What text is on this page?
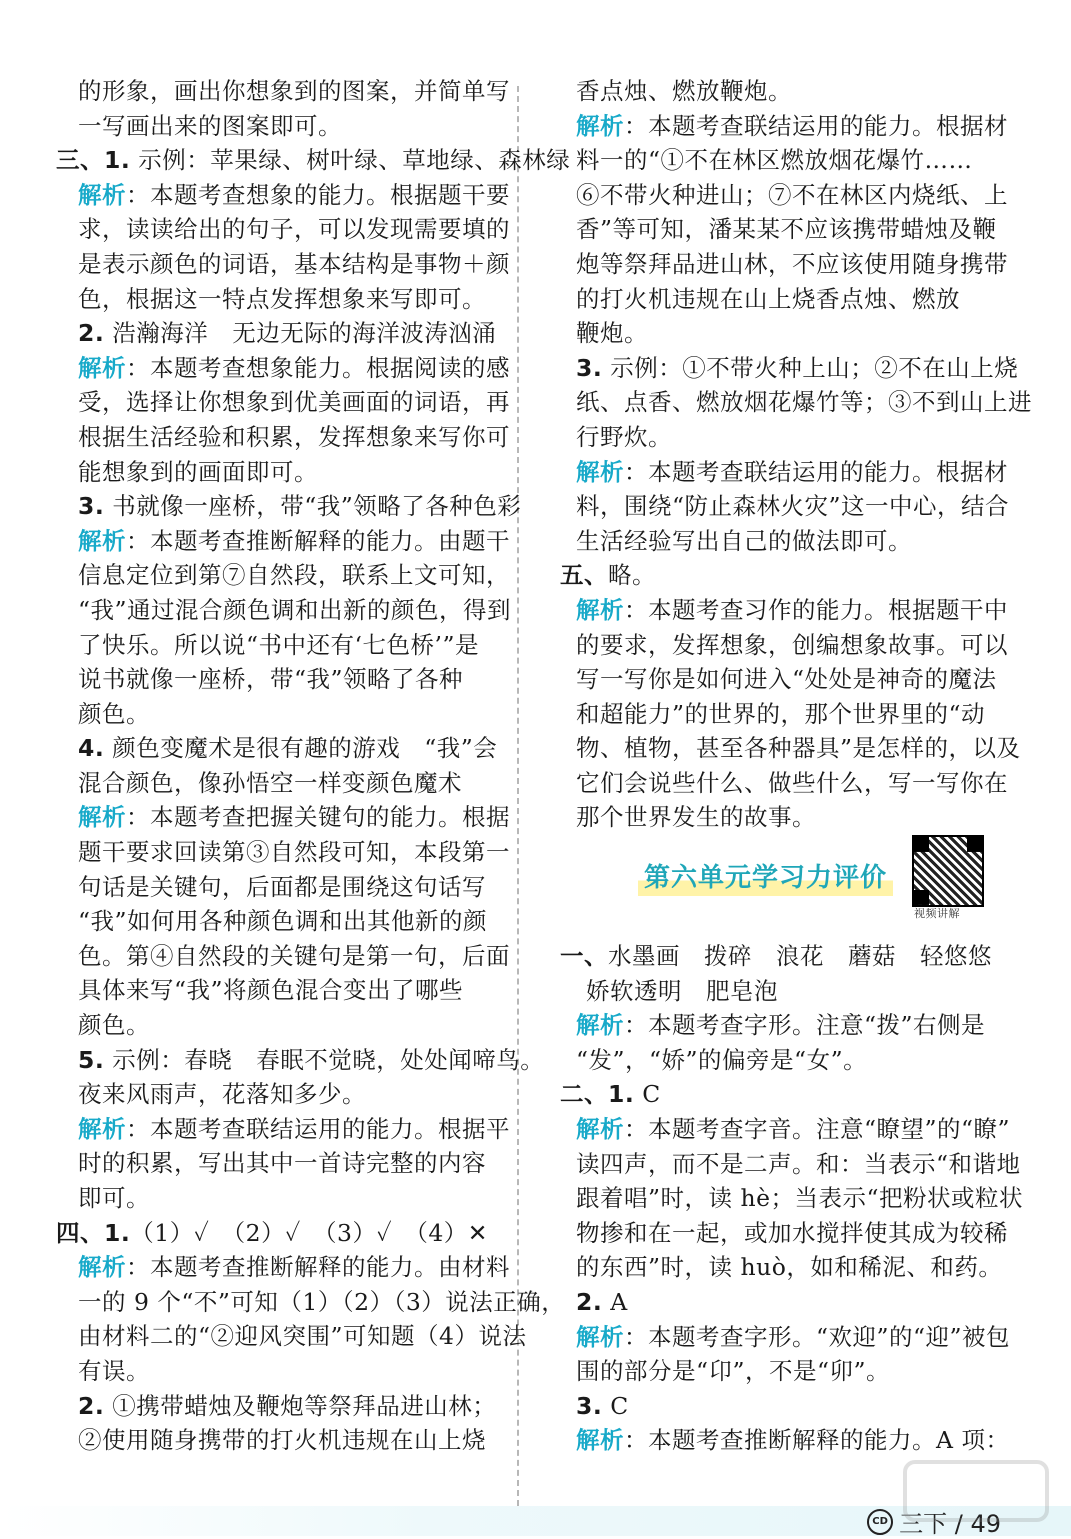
的形象，画出你想象到的图案，并简单写
一写画出来的图案即可。
三、1. 示例：苹果绿、树叶绿、草地绿、森林绿
解析：本题考查想象的能力。根据题干要
求，读读给出的句子，可以发现需要填的
是表示颜色的词语，基本结构是事物＋颜
色，根据这一特点发挥想象来写即可。
2. 浩瀚海洋　无边无际的海洋波涛汹涌
解析：本题考查想象能力。根据阅读的感
受，选择让你想象到优美画面的词语，再
根据生活经验和积累，发挥想象来写你可
能想象到的画面即可。
3. 书就像一座桥，带“我”领略了各种色彩
解析：本题考查推断解释的能力。由题干
信息定位到第⑦自然段，联系上文可知，
“我”通过混合颜色调和出新的颜色，得到
了快乐。所以说“书中还有‘七色桥’”是
说书就像一座桥，带“我”领略了各种
颜色。
4. 颜色变魔术是很有趣的游戏　“我”会
混合颜色，像孙悟空一样变颜色魔术
解析：本题考查把握关键句的能力。根据
题干要求回读第③自然段可知，本段第一
句话是关键句，后面都是围绕这句话写
“我”如何用各种颜色调和出其他新的颜
色。第④自然段的关键句是第一句，后面
具体来写“我”将颜色混合变出了哪些
颜色。
5. 示例：春晓　春眠不觉晓，处处闻啼鸟。
夜来风雨声，花落知多少。
解析：本题考查联结运用的能力。根据平
时的积累，写出其中一首诗完整的内容
即可。
四、1.（1）✓　（2）✓　（3）✓　（4）✕
解析：本题考查推断解释的能力。由材料
一的 9 个“不”可知（1）（2）（3）说法正确，
由材料二的“②迎风突围”可知题（4）说法
有误。
2. ①携带蜡烛及鞭炮等祭拜品进山林；
②使用随身携带的打火机违规在山上烧
香点烛、燃放鞭炮。
解析：本题考查联结运用的能力。根据材
料一的“①不在林区燃放烟花爆竹……
⑥不带火种进山；⑦不在林区内烧纸、上
香”等可知，潘某某不应该携带蜡烛及鞭
炮等祭拜品进山林，不应该使用随身携带
的打火机违规在山上烧香点烛、燃放
鞭炮。
3. 示例：①不带火种上山；②不在山上烧
纸、点香、燃放烟花爆竹等；③不到山上进
行野炊。
解析：本题考查联结运用的能力。根据材
料，围绕“防止森林火灾”这一中心，结合
生活经验写出自己的做法即可。
五、略。
解析：本题考查习作的能力。根据题干中
的要求，发挥想象，创编想象故事。可以
写一写你是如何进入“处处是神奇的魔法
和超能力”的世界的，那个世界里的“动
物、植物，甚至各种器具”是怎样的，以及
它们会说些什么、做些什么，写一写你在
那个世界发生的故事。
第六单元学习力评价
视频讲解
一、水墨画　拨碎　浪花　蘑菇　轻悠悠
娇软透明　肥皂泡
解析：本题考查字形。注意“拨”右侧是
“发”，“娇”的偏旁是“女”。
二、1. C
解析：本题考查字音。注意“瞭望”的“瞭”
读四声，而不是二声。和：当表示“和谐地
跟着唱”时，读 hè；当表示“把粉状或粒状
物掺和在一起，或加水搅拌使其成为较稀
的东西”时，读 huò，如和稀泥、和药。
2. A
解析：本题考查字形。“欢迎”的“迎”被包
围的部分是“卬”，不是“卯”。
3. C
解析：本题考查推断解释的能力。A 项：
CD 三下 / 49
